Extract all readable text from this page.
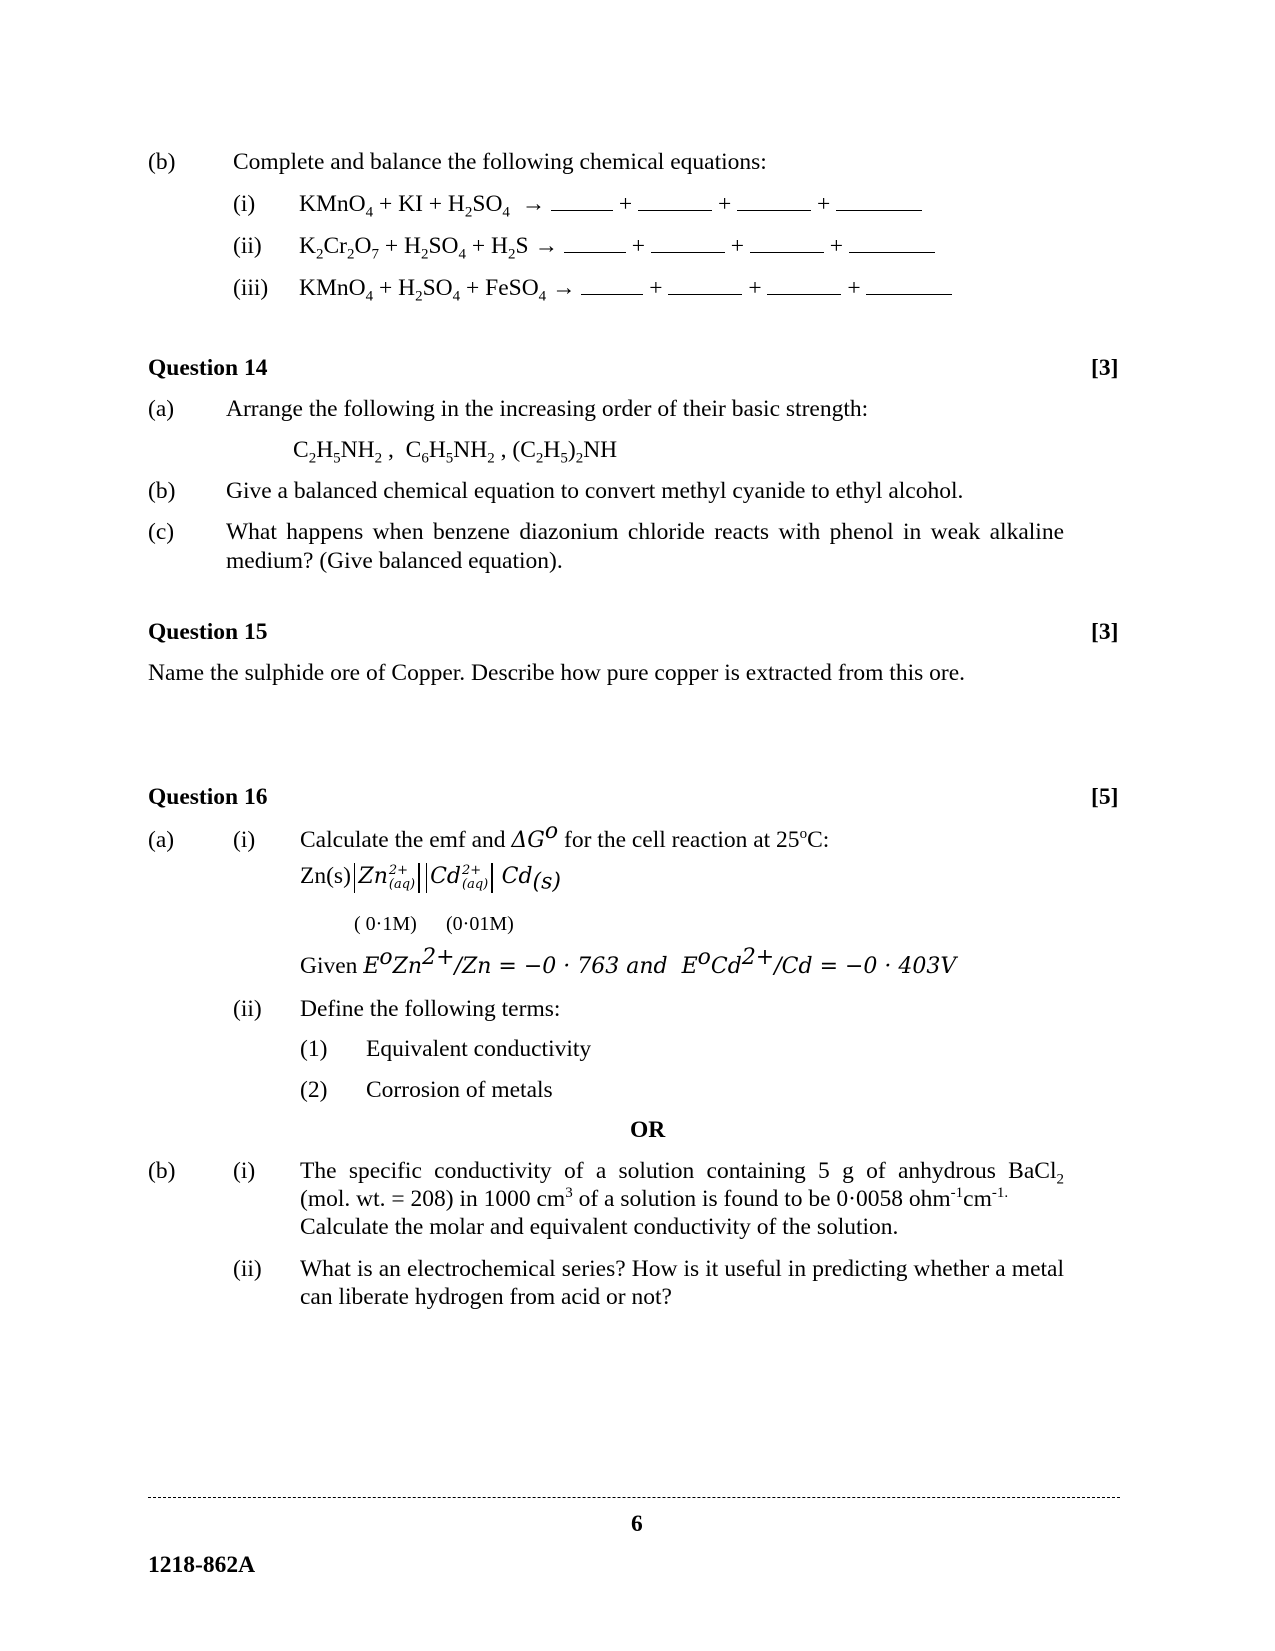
(b) Complete and balance the following chemical equations:
(i) KMnO$_4$ + KI + $H_2SO_4$ →	+	+	+
(ii) $K_2Cr_2O_7 + H_2SO_4 + H_2S$ →	+	+	+
(iii) KMnO$_4$ + $H_2SO_4$ + FeSO$_4$ →	+	+	+
Question 14	[3]
(a) Arrange the following in the increasing order of their basic strength:
$C_2H_5NH_2$ ,  $C_6H_5NH_2$ , $(C_2H_5)_2NH$
(b) Give a balanced chemical equation to convert methyl cyanide to ethyl alcohol.
(c) What happens when benzene diazonium chloride reacts with phenol in weak alkaline medium? (Give balanced equation).
Question 15	[3]
Name the sulphide ore of Copper. Describe how pure copper is extracted from this ore.
Question 16	[5]
(a)	(i) Calculate the emf and $\Delta G^o$ for the cell reaction at 25$^o$C:
Zn(s) Zn 2+
(aq) Cd 2+
(aq) $Cd_{(s)}$
( 0·1M) (0·01M)
Given $E^oZn^{2+}/Zn = -0 \cdot 763$ and  $E^oCd^{2+}/Cd = -0 \cdot 403V$
(ii) Define the following terms:
(1) Equivalent conductivity
(2) Corrosion of metals
OR
(b) (i) The specific conductivity of a solution containing 5 g of anhydrous BaCl$_2$
(mol. wt. = 208) in 1000 $cm^3$ of a solution is found to be 0·0058 $ohm^{-1}cm^{-1.}$
Calculate the molar and equivalent conductivity of the solution.
(ii) What is an electrochemical series? How is it useful in predicting whether a metal can liberate hydrogen from acid or not?
6
1218-862A
